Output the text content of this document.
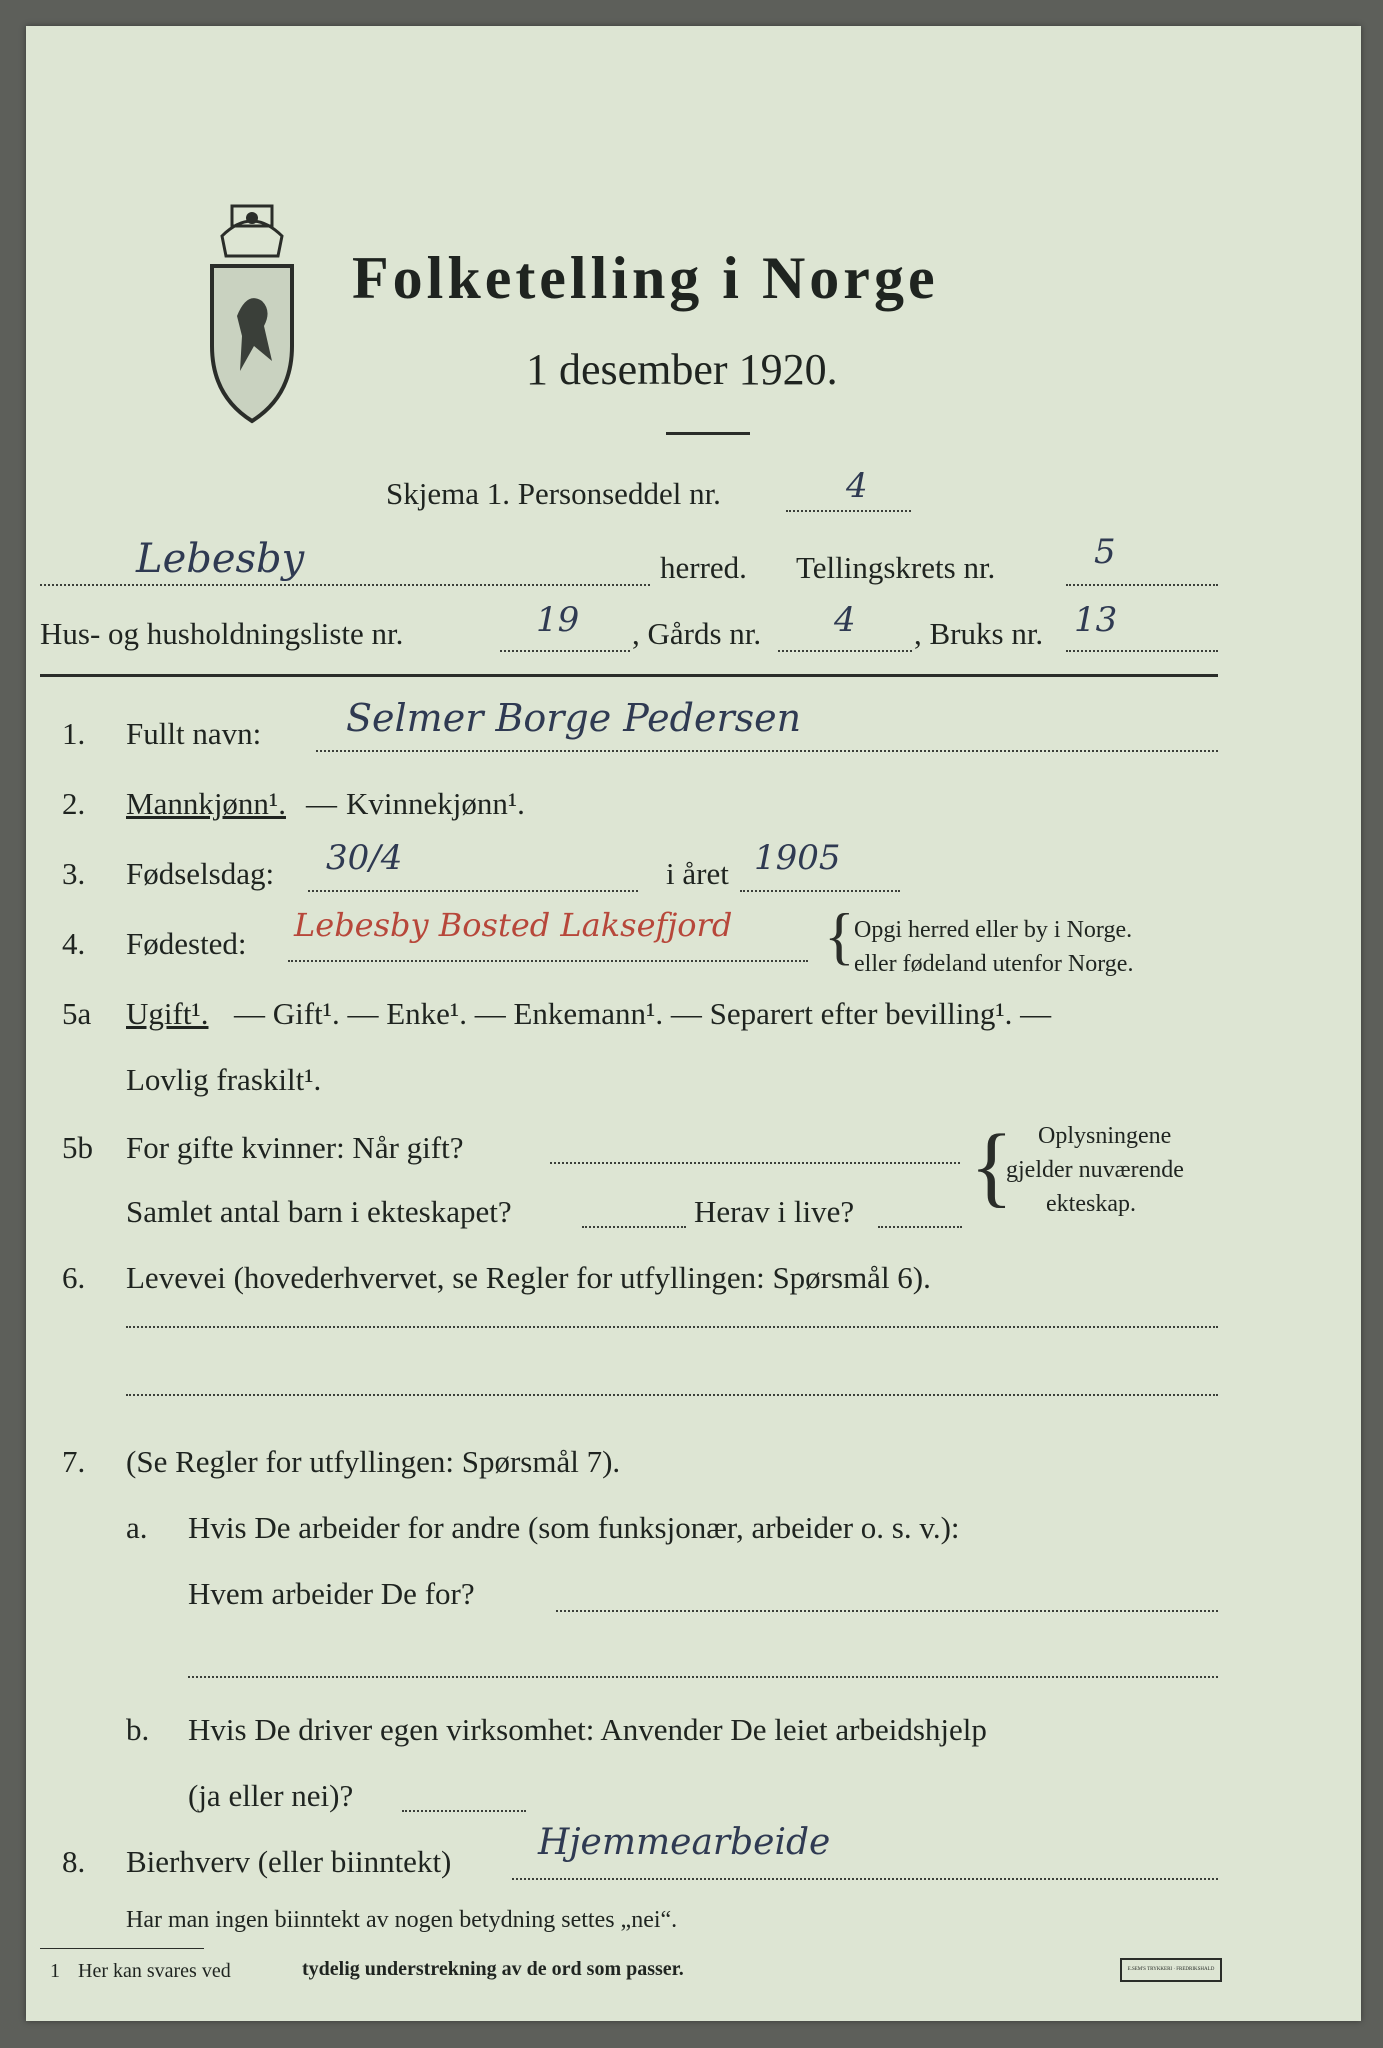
Folketelling i Norge
1 desember 1920.
Skjema 1. Personseddel nr.	4
Lebesby	herred. Tellingskrets nr.	5
Hus- og husholdningsliste nr.	19 , Gårds nr. 4 , Bruks nr. 13
1. Fullt navn: Selmer Borge Pedersen
2. Mannkjønn¹. — Kvinnekjønn¹.
3. Fødselsdag: 30/4	i året 1905
4. Fødested: Lebesby Bosted Laksefjord { Opgi herred eller by i Norge.
eller fødeland utenfor Norge.
5a Ugift¹. — Gift¹. — Enke¹. — Enkemann¹. — Separert efter bevilling¹. —
Lovlig fraskilt¹.
5b For gifte kvinner: Når gift?
Samlet antal barn i ekteskapet?	Herav i live? { Oplysningene
gjelder nuværende
ekteskap.
6. Levevei (hovederhvervet, se Regler for utfyllingen: Spørsmål 6).
7. (Se Regler for utfyllingen: Spørsmål 7).
a. Hvis De arbeider for andre (som funksjonær, arbeider o. s. v.):
Hvem arbeider De for?
b. Hvis De driver egen virksomhet: Anvender De leiet arbeidshjelp
(ja eller nei)?
8. Bierhverv (eller biinntekt) Hjemmearbeide
Har man ingen biinntekt av nogen betydning settes „nei“.
1 Her kan svares ved	tydelig understrekning av de ord som passer.	E.SEM'S TRYKKERI · FREDRIKSHALD
